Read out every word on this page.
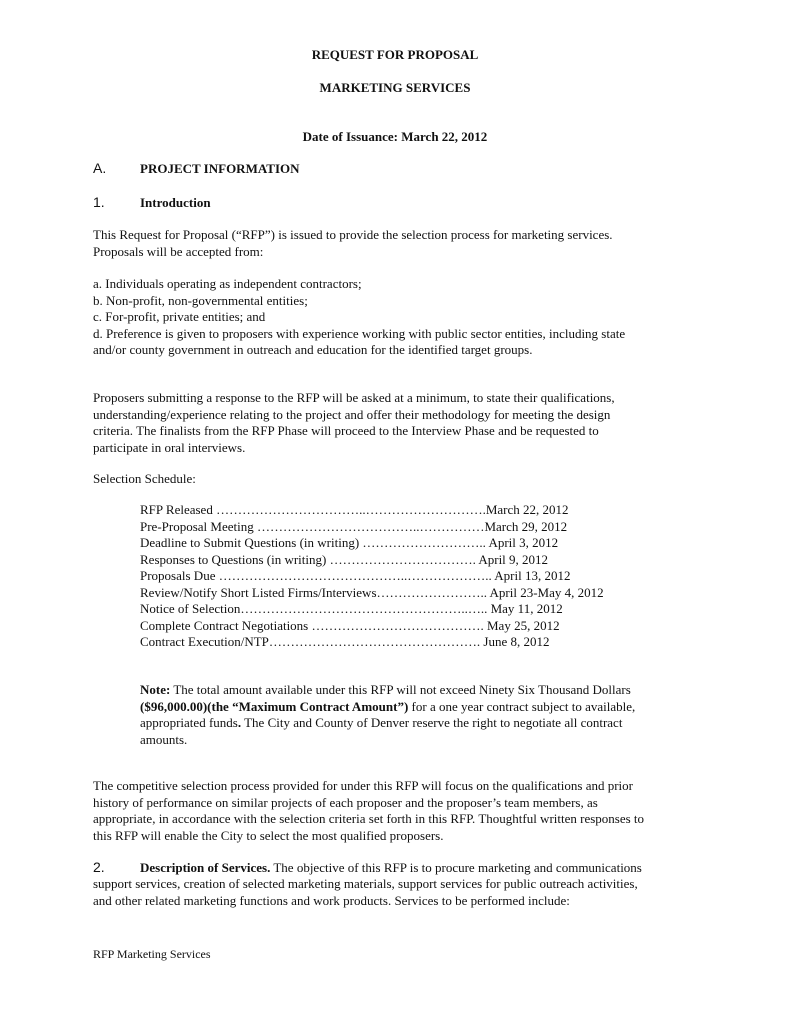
REQUEST FOR PROPOSAL
MARKETING SERVICES
Date of Issuance: March 22, 2012
A.	PROJECT INFORMATION
1.	Introduction
This Request for Proposal (“RFP”) is issued to provide the selection process for marketing services.
Proposals will be accepted from:
a. Individuals operating as independent contractors;
b. Non-profit, non-governmental entities;
c. For-profit, private entities; and
d. Preference is given to proposers with experience working with public sector entities, including state
and/or county government in outreach and education for the identified target groups.
Proposers submitting a response to the RFP will be asked at a minimum, to state their qualifications,
understanding/experience relating to the project and offer their methodology for meeting the design
criteria. The finalists from the RFP Phase will proceed to the Interview Phase and be requested to
participate in oral interviews.
Selection Schedule:
RFP Released ……………………………..……………………….March 22, 2012
Pre-Proposal Meeting ………………………………..……………March 29, 2012
Deadline to Submit Questions (in writing) ……………………….. April 3, 2012
Responses to Questions (in writing) ……………………………. April 9, 2012
Proposals Due ……………………………………..……………….. April 13, 2012
Review/Notify Short Listed Firms/Interviews…………………….. April 23-May 4, 2012
Notice of Selection……………………………………………..….. May 11, 2012
Complete Contract Negotiations …………………………………. May 25, 2012
Contract Execution/NTP…………………………………………. June 8, 2012
Note: The total amount available under this RFP will not exceed Ninety Six Thousand Dollars
($96,000.00)(the “Maximum Contract Amount”) for a one year contract subject to available,
appropriated funds. The City and County of Denver reserve the right to negotiate all contract
amounts.
The competitive selection process provided for under this RFP will focus on the qualifications and prior
history of performance on similar projects of each proposer and the proposer’s team members, as
appropriate, in accordance with the selection criteria set forth in this RFP. Thoughtful written responses to
this RFP will enable the City to select the most qualified proposers.
2.	Description of Services. The objective of this RFP is to procure marketing and communications
support services, creation of selected marketing materials, support services for public outreach activities,
and other related marketing functions and work products. Services to be performed include:
RFP Marketing Services
